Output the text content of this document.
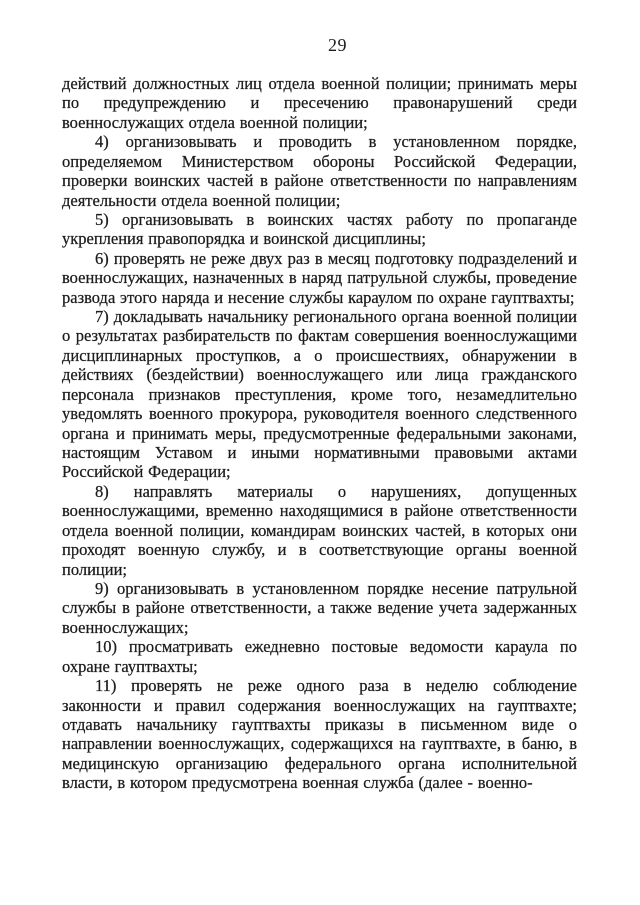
29

действий должностных лиц отдела военной полиции; принимать меры по предупреждению и пресечению правонарушений среди военнослужащих отдела военной полиции;

4) организовывать и проводить в установленном порядке, определяемом Министерством обороны Российской Федерации, проверки воинских частей в районе ответственности по направлениям деятельности отдела военной полиции;

5) организовывать в воинских частях работу по пропаганде укрепления правопорядка и воинской дисциплины;

6) проверять не реже двух раз в месяц подготовку подразделений и военнослужащих, назначенных в наряд патрульной службы, проведение развода этого наряда и несение службы караулом по охране гауптвахты;

7) докладывать начальнику регионального органа военной полиции о результатах разбирательств по фактам совершения военнослужащими дисциплинарных проступков, а о происшествиях, обнаружении в действиях (бездействии) военнослужащего или лица гражданского персонала признаков преступления, кроме того, незамедлительно уведомлять военного прокурора, руководителя военного следственного органа и принимать меры, предусмотренные федеральными законами, настоящим Уставом и иными нормативными правовыми актами Российской Федерации;

8) направлять материалы о нарушениях, допущенных военнослужащими, временно находящимися в районе ответственности отдела военной полиции, командирам воинских частей, в которых они проходят военную службу, и в соответствующие органы военной полиции;

9) организовывать в установленном порядке несение патрульной службы в районе ответственности, а также ведение учета задержанных военнослужащих;

10) просматривать ежедневно постовые ведомости караула по охране гауптвахты;

11) проверять не реже одного раза в неделю соблюдение законности и правил содержания военнослужащих на гауптвахте; отдавать начальнику гауптвахты приказы в письменном виде о направлении военнослужащих, содержащихся на гауптвахте, в баню, в медицинскую организацию федерального органа исполнительной власти, в котором предусмотрена военная служба (далее - военно-
